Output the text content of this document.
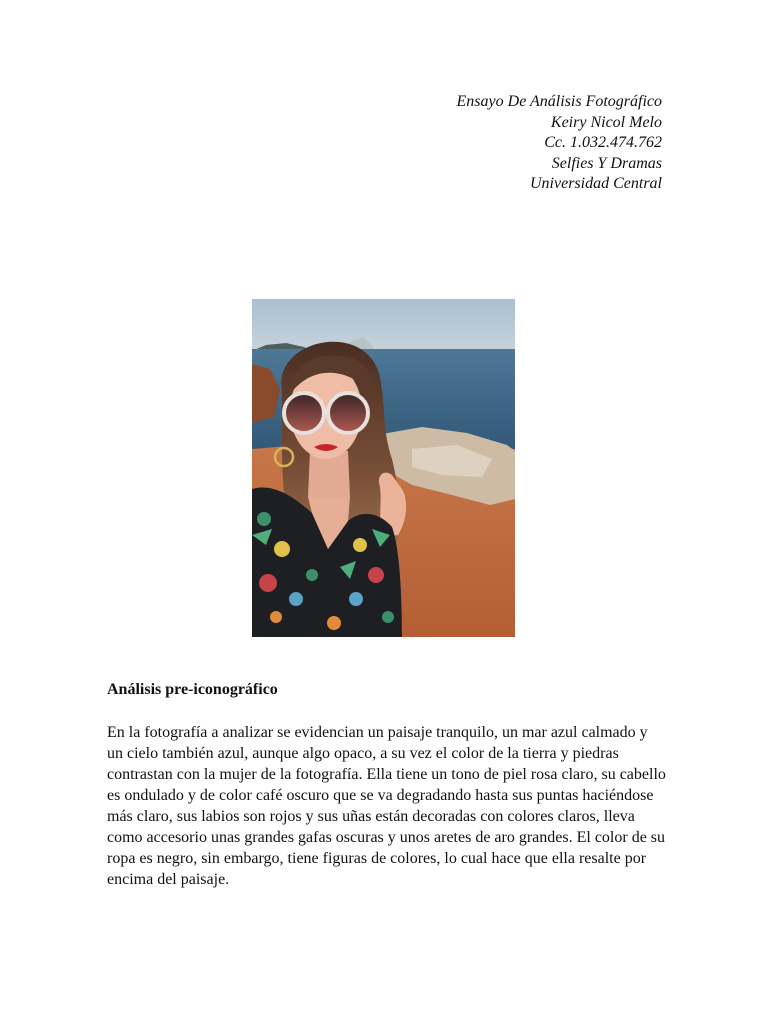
Ensayo De Análisis Fotográfico
Keiry Nicol Melo
Cc. 1.032.474.762
Selfies Y Dramas
Universidad Central
Análisis pre-iconográfico

En la fotografía a analizar se evidencian un paisaje tranquilo, un mar azul calmado y un cielo también azul, aunque algo opaco, a su vez el color de la tierra y piedras contrastan con la mujer de la fotografía. Ella tiene un tono de piel rosa claro, su cabello es ondulado y de color café oscuro que se va degradando hasta sus puntas haciéndose más claro, sus labios son rojos y sus uñas están decoradas con colores claros, lleva como accesorio unas grandes gafas oscuras y unos aretes de aro grandes. El color de su ropa es negro, sin embargo, tiene figuras de colores, lo cual hace que ella resalte por encima del paisaje.
